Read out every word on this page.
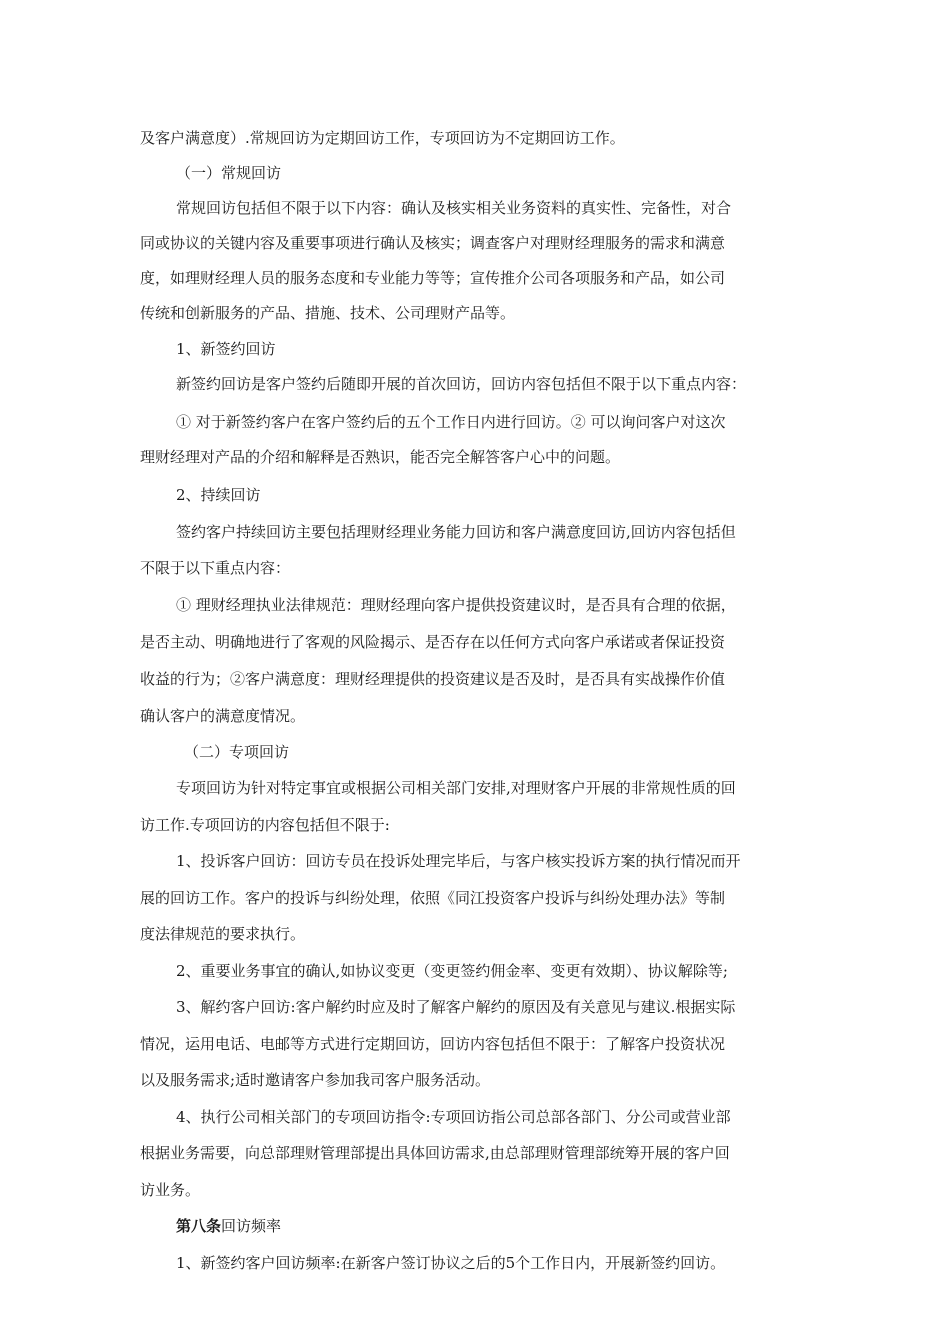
及客户满意度）.常规回访为定期回访工作，专项回访为不定期回访工作。
（一）常规回访
常规回访包括但不限于以下内容：确认及核实相关业务资料的真实性、完备性，对合
同或协议的关键内容及重要事项进行确认及核实；调查客户对理财经理服务的需求和满意
度，如理财经理人员的服务态度和专业能力等等；宣传推介公司各项服务和产品，如公司
传统和创新服务的产品、措施、技术、公司理财产品等。
1、新签约回访
新签约回访是客户签约后随即开展的首次回访，回访内容包括但不限于以下重点内容：
① 对于新签约客户在客户签约后的五个工作日内进行回访。② 可以询问客户对这次
理财经理对产品的介绍和解释是否熟识，能否完全解答客户心中的问题。
2、持续回访
签约客户持续回访主要包括理财经理业务能力回访和客户满意度回访,回访内容包括但
不限于以下重点内容：
① 理财经理执业法律规范：理财经理向客户提供投资建议时，是否具有合理的依据，
是否主动、明确地进行了客观的风险揭示、是否存在以任何方式向客户承诺或者保证投资
收益的行为；②客户满意度：理财经理提供的投资建议是否及时，是否具有实战操作价值
确认客户的满意度情况。
（二）专项回访
专项回访为针对特定事宜或根据公司相关部门安排,对理财客户开展的非常规性质的回
访工作.专项回访的内容包括但不限于:
1、投诉客户回访：回访专员在投诉处理完毕后，与客户核实投诉方案的执行情况而开
展的回访工作。客户的投诉与纠纷处理，依照《同江投资客户投诉与纠纷处理办法》等制
度法律规范的要求执行。
2、重要业务事宜的确认,如协议变更（变更签约佣金率、变更有效期）、协议解除等;
3、解约客户回访:客户解约时应及时了解客户解约的原因及有关意见与建议.根据实际
情况，运用电话、电邮等方式进行定期回访，回访内容包括但不限于：了解客户投资状况
以及服务需求;适时邀请客户参加我司客户服务活动。
4、执行公司相关部门的专项回访指令:专项回访指公司总部各部门、分公司或营业部
根据业务需要，向总部理财管理部提出具体回访需求,由总部理财管理部统筹开展的客户回
访业务。
第八条回访频率
1、新签约客户回访频率:在新客户签订协议之后的5个工作日内，开展新签约回访。
